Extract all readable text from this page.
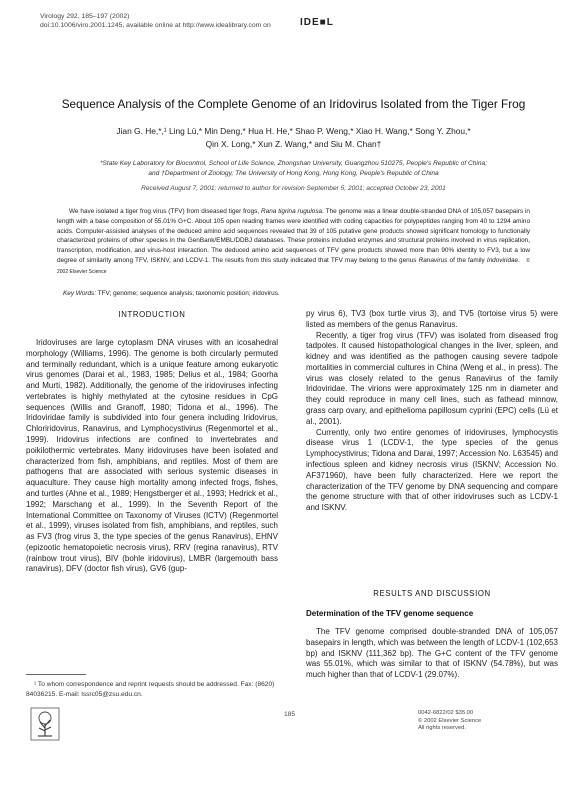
Virology 292, 185–197 (2002)
doi:10.1006/viro.2001.1245, available online at http://www.idealibrary.com on	IDE■L
Sequence Analysis of the Complete Genome of an Iridovirus Isolated from the Tiger Frog
Jian G. He,*,¹ Ling Lü,* Min Deng,* Hua H. He,* Shao P. Weng,* Xiao H. Wang,* Song Y. Zhou,*
Qin X. Long,* Xun Z. Wang,* and Siu M. Chan†
*State Key Laboratory for Biocontrol, School of Life Science, Zhongshan University, Guangzhou 510275, People's Republic of China;
and †Department of Zoology, The University of Hong Kong, Hong Kong, People's Republic of China
Received August 7, 2001; returned to author for revision September 5, 2001; accepted October 23, 2001
We have isolated a tiger frog virus (TFV) from diseased tiger frogs, Rana tigrina rugulosa. The genome was a linear double-stranded DNA of 105,057 basepairs in length with a base composition of 55.01% G+C. About 105 open reading frames were identified with coding capacities for polypeptides ranging from 40 to 1294 amino acids. Computer-assisted analyses of the deduced amino acid sequences revealed that 39 of 105 putative gene products showed significant homology to functionally characterized proteins of other species in the GenBank/EMBL/DDBJ databases. These proteins included enzymes and structural proteins involved in virus replication, transcription, modification, and virus-host interaction. The deduced amino acid sequences of TFV gene products showed more than 90% identity to FV3, but a low degree of similarity among TFV, ISKNV, and LCDV-1. The results from this study indicated that TFV may belong to the genus Ranavirus of the family Iridoviridae.   © 2002 Elsevier Science
Key Words: TFV; genome; sequence analysis; taxonomic position; iridovirus.
INTRODUCTION

Iridoviruses are large cytoplasm DNA viruses with an icosahedral morphology (Williams, 1996). The genome is both circularly permuted and terminally redundant, which is a unique feature among eukaryotic virus genomes (Darai et al., 1983, 1985; Delius et al., 1984; Goorha and Murti, 1982). Additionally, the genome of the iridoviruses infecting vertebrates is highly methylated at the cytosine residues in CpG sequences (Willis and Granoff, 1980; Tidona et al., 1996). The Iridoviridae family is subdivided into four genera including Iridovirus, Chloriridovirus, Ranavirus, and Lymphocystivirus (Regenmortel et al., 1999). Iridovirus infections are confined to invertebrates and poikilothermic vertebrates. Many iridoviruses have been isolated and characterized from fish, amphibians, and reptiles. Most of them are pathogens that are associated with serious systemic diseases in aquaculture. They cause high mortality among infected frogs, fishes, and turtles (Ahne et al., 1989; Hengstberger et al., 1993; Hedrick et al., 1992; Marschang et al., 1999). In the Seventh Report of the International Committee on Taxonomy of Viruses (ICTV) (Regenmortel et al., 1999), viruses isolated from fish, amphibians, and reptiles, such as FV3 (frog virus 3, the type species of the genus Ranavirus), EHNV (epizootic hematopoietic necrosis virus), RRV (regina ranavirus), RTV (rainbow trout virus), BIV (bohle iridovirus), LMBR (largemouth bass ranavirus), DFV (doctor fish virus), GV6 (gup-

py virus 6), TV3 (box turtle virus 3), and TV5 (tortoise virus 5) were listed as members of the genus Ranavirus.

Recently, a tiger frog virus (TFV) was isolated from diseased frog tadpoles. It caused histopathological changes in the liver, spleen, and kidney and was identified as the pathogen causing severe tadpole mortalities in commercial cultures in China (Weng et al., in press). The virus was closely related to the genus Ranavirus of the family Iridoviridae. The virions were approximately 125 nm in diameter and they could reproduce in many cell lines, such as fathead minnow, grass carp ovary, and epithelioma papillosum cyprini (EPC) cells (Lü et al., 2001).

Currently, only two entire genomes of iridoviruses, lymphocystis disease virus 1 (LCDV-1, the type species of the genus Lymphocystivirus; Tidona and Darai, 1997; Accession No. L63545) and infectious spleen and kidney necrosis virus (ISKNV; Accession No. AF371960), have been fully characterized. Here we report the characterization of the TFV genome by DNA sequencing and compare the genome structure with that of other iridoviruses such as LCDV-1 and ISKNV.

RESULTS AND DISCUSSION
Determination of the TFV genome sequence

The TFV genome comprised double-stranded DNA of 105,057 basepairs in length, which was between the length of LCDV-1 (102,653 bp) and ISKNV (111,362 bp). The G+C content of the TFV genome was 55.01%, which was similar to that of ISKNV (54.78%), but was much higher than that of LCDV-1 (29.07%).

¹ To whom correspondence and reprint requests should be addressed. Fax: (8620) 84036215. E-mail: lssrc05@zsu.edu.cn.
185	0042-6822/02 $35.00
© 2002 Elsevier Science
All rights reserved.
